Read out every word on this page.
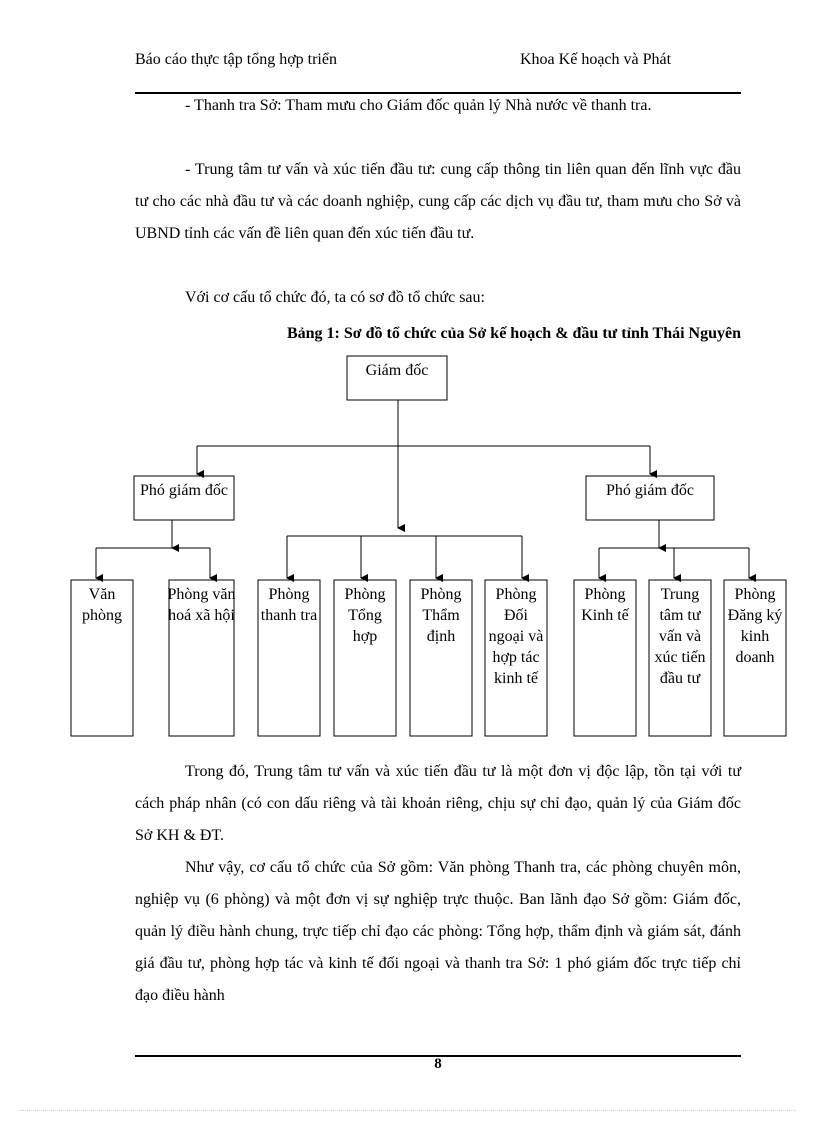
Báo cáo thực tập tổng hợp triển	Khoa Kế hoạch và Phát

- Thanh tra Sở: Tham mưu cho Giám đốc quản lý Nhà nước về thanh tra.

- Trung tâm tư vấn và xúc tiến đầu tư: cung cấp thông tin liên quan đến lĩnh vực đầu tư cho các nhà đầu tư và các doanh nghiệp, cung cấp các dịch vụ đầu tư, tham mưu cho Sở và UBND tỉnh các vấn đề liên quan đến xúc tiến đầu tư.

Với cơ cấu tổ chức đó, ta có sơ đồ tổ chức sau:

Bảng 1: Sơ đồ tổ chức của Sở kế hoạch & đầu tư tỉnh Thái Nguyên

Giám đốc
Phó giám đốc	Phó giám đốc
Văn phòng
Phòng văn hoá xã hội
Phòng thanh tra
Phòng Tổng hợp
Phòng Thẩm định
Phòng Đối ngoại và hợp tác kinh tế
Phòng Kinh tế
Trung tâm tư vấn và xúc tiến đầu tư
Phòng Đăng ký kinh doanh

Trong đó, Trung tâm tư vấn và xúc tiến đầu tư là một đơn vị độc lập, tồn tại với tư cách pháp nhân (có con dấu riêng và tài khoản riêng, chịu sự chỉ đạo, quản lý của Giám đốc Sở KH & ĐT.

Như vậy, cơ cấu tổ chức của Sở gồm: Văn phòng Thanh tra, các phòng chuyên môn, nghiệp vụ (6 phòng) và một đơn vị sự nghiệp trực thuộc. Ban lãnh đạo Sở gồm: Giám đốc, quản lý điều hành chung, trực tiếp chỉ đạo các phòng: Tổng hợp, thẩm định và giám sát, đánh giá đầu tư, phòng hợp tác và kinh tế đối ngoại và thanh tra Sở: 1 phó giám đốc trực tiếp chỉ đạo điều hành

8
